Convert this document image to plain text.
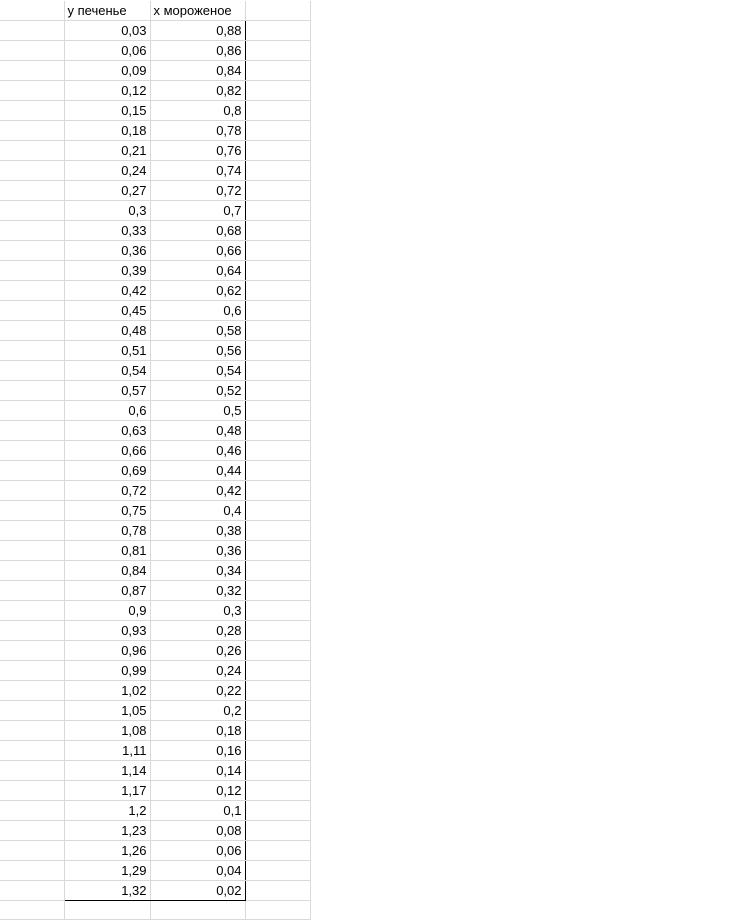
	y печенье	x мороженое	
	0,03	0,88	
	0,06	0,86	
	0,09	0,84	
	0,12	0,82	
	0,15	0,8	
	0,18	0,78	
	0,21	0,76	
	0,24	0,74	
	0,27	0,72	
	0,3	0,7	
	0,33	0,68	
	0,36	0,66	
	0,39	0,64	
	0,42	0,62	
	0,45	0,6	
	0,48	0,58	
	0,51	0,56	
	0,54	0,54	
	0,57	0,52	
	0,6	0,5	
	0,63	0,48	
	0,66	0,46	
	0,69	0,44	
	0,72	0,42	
	0,75	0,4	
	0,78	0,38	
	0,81	0,36	
	0,84	0,34	
	0,87	0,32	
	0,9	0,3	
	0,93	0,28	
	0,96	0,26	
	0,99	0,24	
	1,02	0,22	
	1,05	0,2	
	1,08	0,18	
	1,11	0,16	
	1,14	0,14	
	1,17	0,12	
	1,2	0,1	
	1,23	0,08	
	1,26	0,06	
	1,29	0,04	
	1,32	0,02	
